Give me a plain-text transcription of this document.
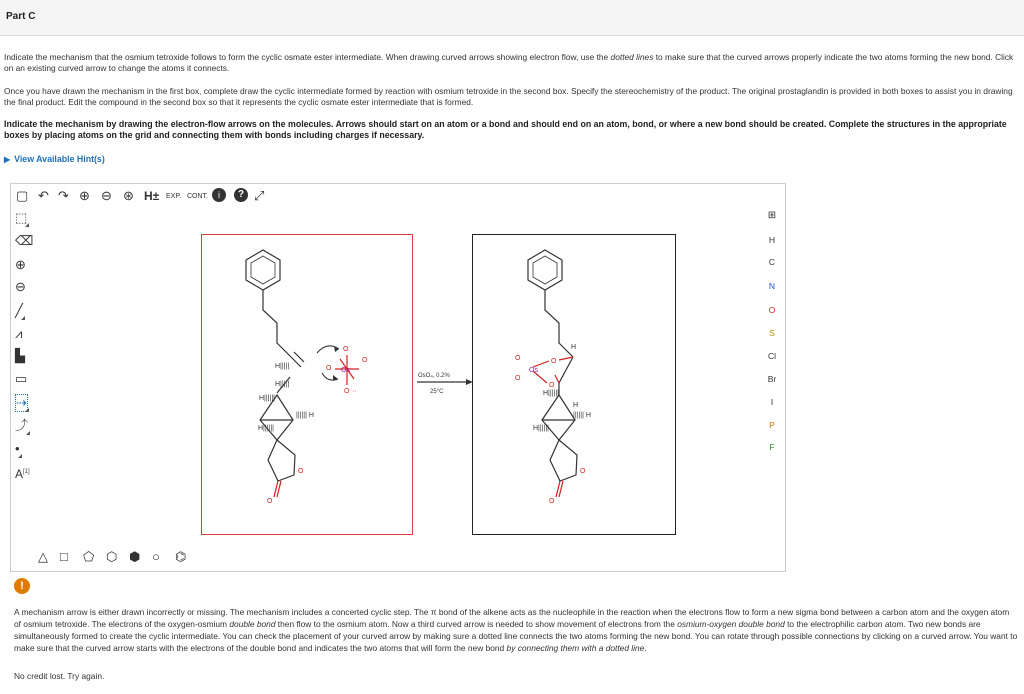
Part C

Indicate the mechanism that the osmium tetroxide follows to form the cyclic osmate ester intermediate. When drawing curved arrows showing electron flow, use the dotted lines to make sure that the curved arrows properly indicate the two atoms forming the new bond. Click on an existing curved arrow to change the atoms it connects.

Once you have drawn the mechanism in the first box, complete draw the cyclic intermediate formed by reaction with osmium tetroxide in the second box. Specify the stereochemistry of the product. The original prostaglandin is provided in both boxes to assist you in drawing the final product. Edit the compound in the second box so that it represents the cyclic osmate ester intermediate that is formed.

Indicate the mechanism by drawing the electron-flow arrows on the molecules. Arrows should start on an atom or a bond and should end on an atom, bond, or where a new bond should be created. Complete the structures in the appropriate boxes by placing atoms on the grid and connecting them with bonds including charges if necessary.

▶ View Available Hint(s)
▢ ↶ ↷ ⊕ ⊖ ⊛ H± EXP. CONT.	i	? ⤢
⬚
⌫
⊕
⊖
╱
⩘
▙
▭
⇢
⤴
•
A[1]
△ □ ⬠ ⬡ ⬢ ○ ⌬
⊞
H
C
N
O
S
Cl
Br
I
P
F
Os
O
O
O
O
··
H|||||
H|||||
H||||||
H||||||
|||||| H
O
O
OsO₄, 0.2%
25°C
H
O
O
Os
O
O
H||||||
H
H||||||
|||||| H
O
O
!

A mechanism arrow is either drawn incorrectly or missing. The mechanism includes a concerted cyclic step. The π bond of the alkene acts as the nucleophile in the reaction when the electrons flow to form a new sigma bond between a carbon atom and the oxygen atom of osmium tetroxide. The electrons of the oxygen-osmium double bond then flow to the osmium atom. Now a third curved arrow is needed to show movement of electrons from the osmium-oxygen double bond to the electrophilic carbon atom. Two new bonds are simultaneously formed to create the cyclic intermediate. You can check the placement of your curved arrow by making sure a dotted line connects the two atoms forming the new bond. You can rotate through possible connections by clicking on a curved arrow. You want to make sure that the curved arrow starts with the electrons of the double bond and indicates the two atoms that will form the new bond by connecting them with a dotted line.

No credit lost. Try again.
